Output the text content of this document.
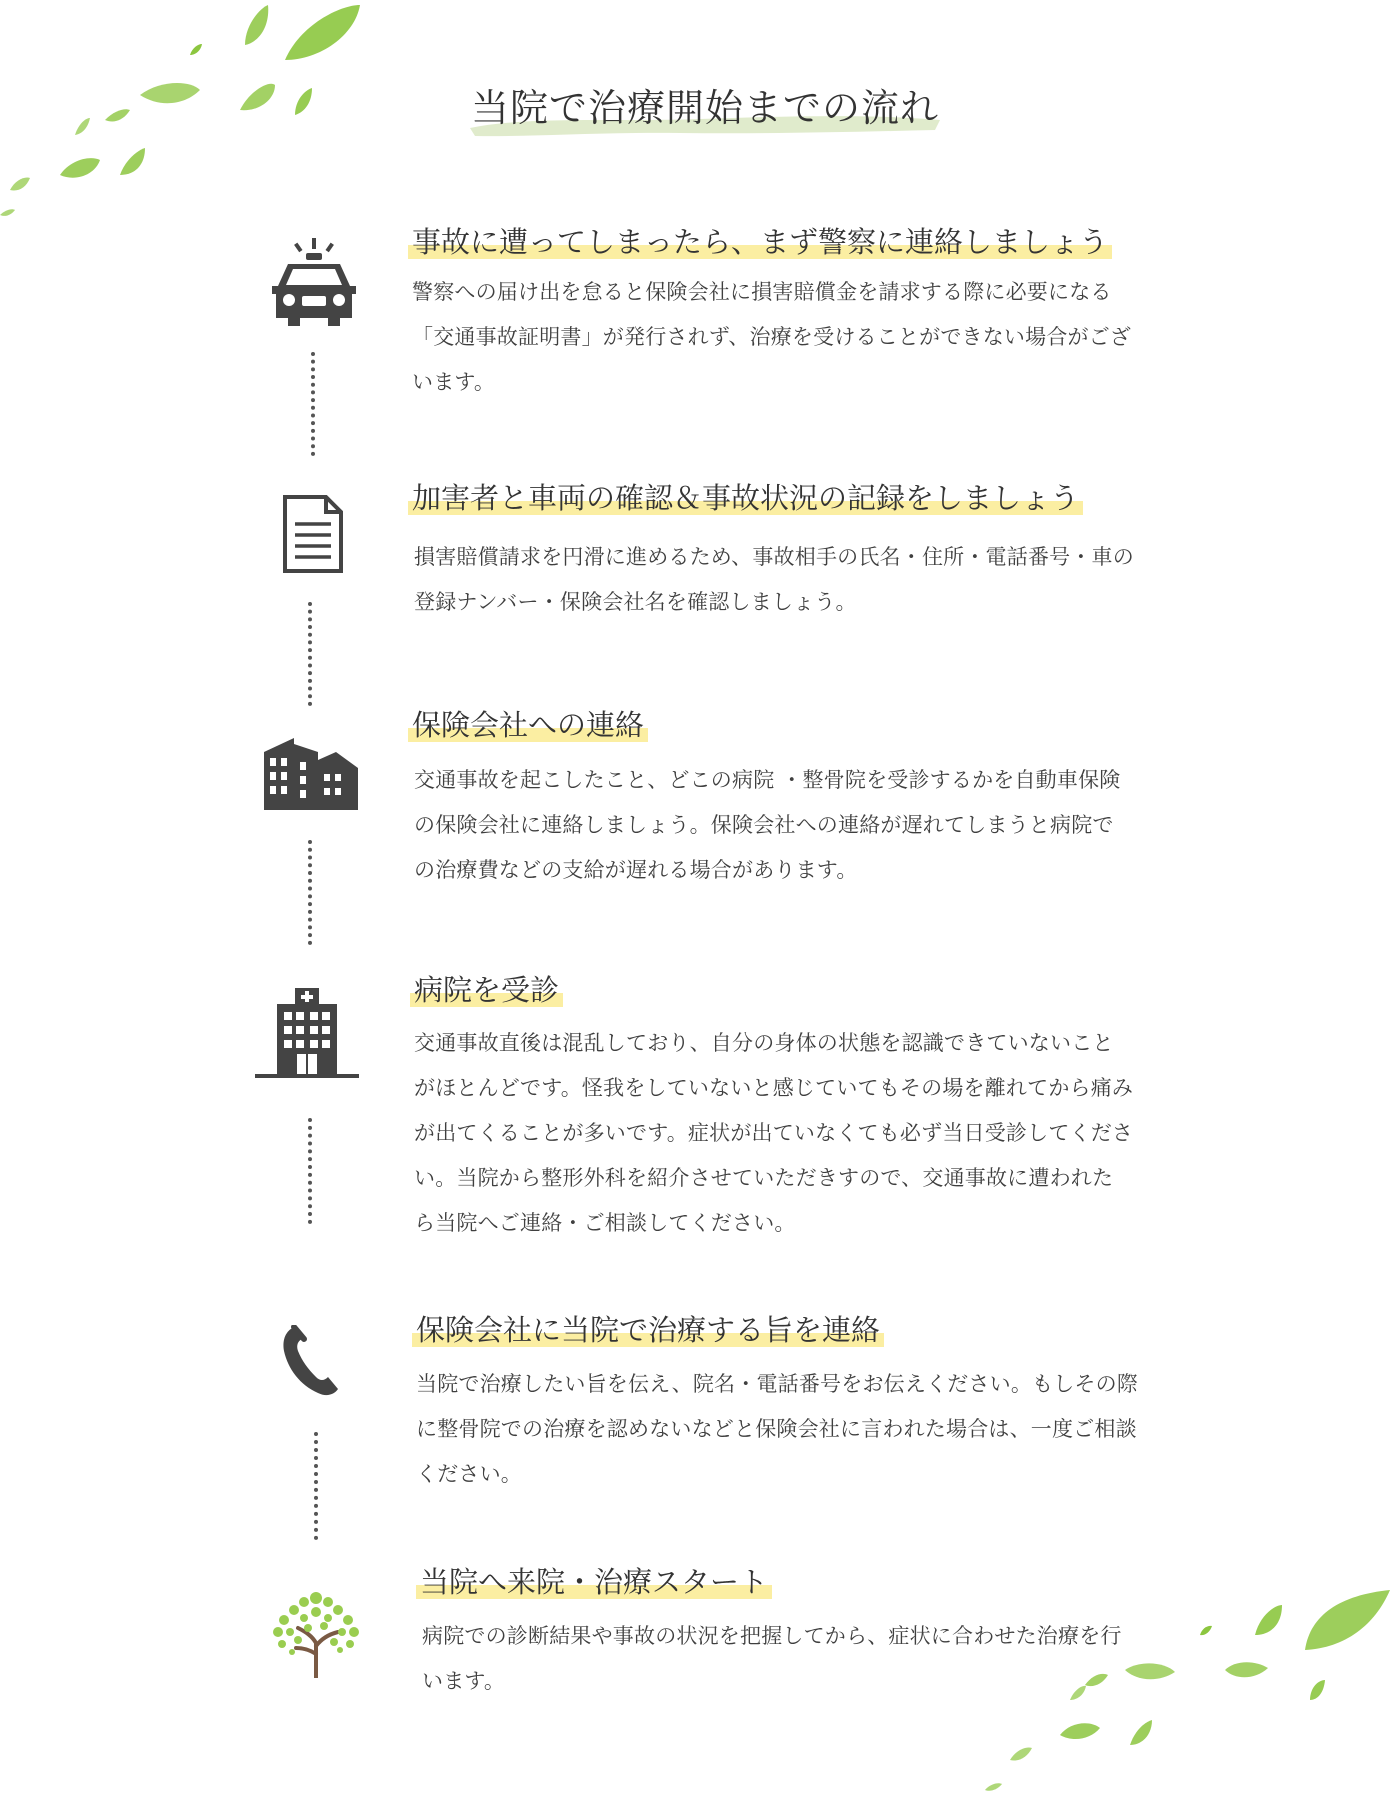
当院で治療開始までの流れ
事故に遭ってしまったら、まず警察に連絡しましょう

警察への届け出を怠ると保険会社に損害賠償金を請求する際に必要になる「交通事故証明書」が発行されず、治療を受けることができない場合がございます。

加害者と車両の確認＆事故状況の記録をしましょう

損害賠償請求を円滑に進めるため、事故相手の氏名・住所・電話番号・車の登録ナンバー・保険会社名を確認しましょう。

保険会社への連絡

交通事故を起こしたこと、どこの病院 ・整骨院を受診するかを自動車保険の保険会社に連絡しましょう。保険会社への連絡が遅れてしまうと病院での治療費などの支給が遅れる場合があります。

病院を受診

交通事故直後は混乱しており、自分の身体の状態を認識できていないことがほとんどです。怪我をしていないと感じていてもその場を離れてから痛みが出てくることが多いです。症状が出ていなくても必ず当日受診してください。当院から整形外科を紹介させていただきすので、交通事故に遭われたら当院へご連絡・ご相談してください。

保険会社に当院で治療する旨を連絡

当院で治療したい旨を伝え、院名・電話番号をお伝えください。もしその際に整骨院での治療を認めないなどと保険会社に言われた場合は、一度ご相談ください。

当院へ来院・治療スタート

病院での診断結果や事故の状況を把握してから、症状に合わせた治療を行います。
